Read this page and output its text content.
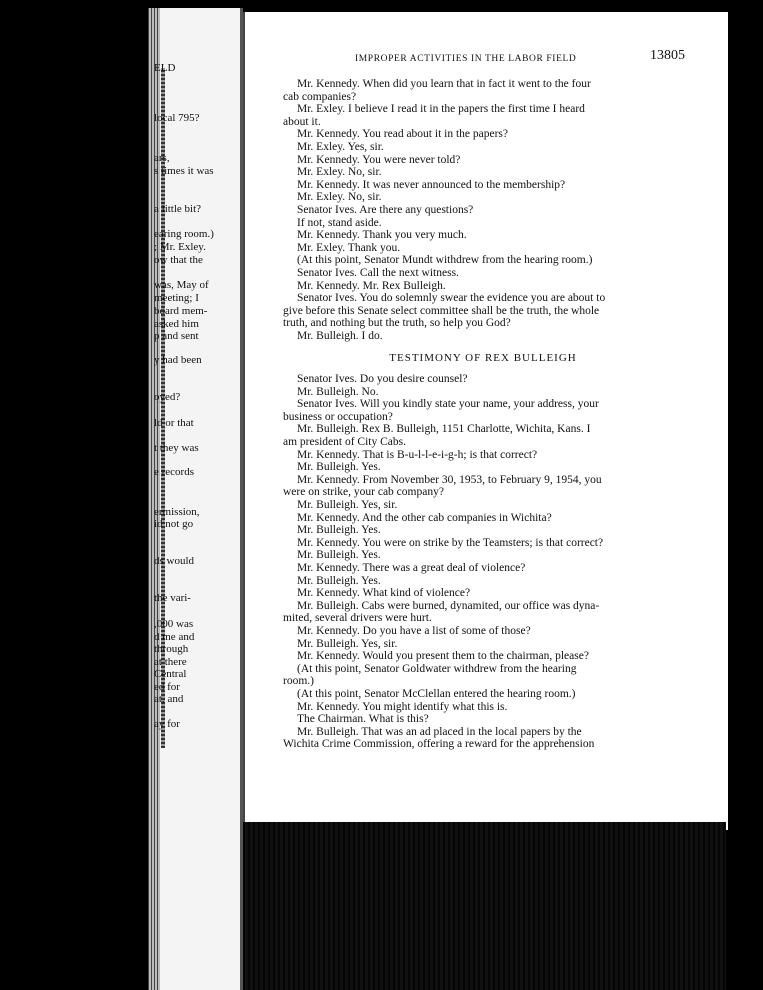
ELD
local 795?
ars,
s times it was
a little bit?
earing room.)
; Mr. Exley.
ow that the
was, May of
meeting; I
board mem-
asked him
p and sent
y had been
oyed?
ld or that
t they was
e records
ermission,
id not go
ds would
the vari-
,000 was
d me and
through
at there
Central
ed for
at, and
ay for
IMPROPER ACTIVITIES IN THE LABOR FIELD	13805
Mr. Kennedy. When did you learn that in fact it went to the four
cab companies?
Mr. Exley. I believe I read it in the papers the first time I heard
about it.
Mr. Kennedy. You read about it in the papers?
Mr. Exley. Yes, sir.
Mr. Kennedy. You were never told?
Mr. Exley. No, sir.
Mr. Kennedy. It was never announced to the membership?
Mr. Exley. No, sir.
Senator Ives. Are there any questions?
If not, stand aside.
Mr. Kennedy. Thank you very much.
Mr. Exley. Thank you.
(At this point, Senator Mundt withdrew from the hearing room.)
Senator Ives. Call the next witness.
Mr. Kennedy. Mr. Rex Bulleigh.
Senator Ives. You do solemnly swear the evidence you are about to
give before this Senate select committee shall be the truth, the whole
truth, and nothing but the truth, so help you God?
Mr. Bulleigh. I do.
TESTIMONY OF REX BULLEIGH
Senator Ives. Do you desire counsel?
Mr. Bulleigh. No.
Senator Ives. Will you kindly state your name, your address, your
business or occupation?
Mr. Bulleigh. Rex B. Bulleigh, 1151 Charlotte, Wichita, Kans. I
am president of City Cabs.
Mr. Kennedy. That is B-u-l-l-e-i-g-h; is that correct?
Mr. Bulleigh. Yes.
Mr. Kennedy. From November 30, 1953, to February 9, 1954, you
were on strike, your cab company?
Mr. Bulleigh. Yes, sir.
Mr. Kennedy. And the other cab companies in Wichita?
Mr. Bulleigh. Yes.
Mr. Kennedy. You were on strike by the Teamsters; is that correct?
Mr. Bulleigh. Yes.
Mr. Kennedy. There was a great deal of violence?
Mr. Bulleigh. Yes.
Mr. Kennedy. What kind of violence?
Mr. Bulleigh. Cabs were burned, dynamited, our office was dyna-
mited, several drivers were hurt.
Mr. Kennedy. Do you have a list of some of those?
Mr. Bulleigh. Yes, sir.
Mr. Kennedy. Would you present them to the chairman, please?
(At this point, Senator Goldwater withdrew from the hearing
room.)
(At this point, Senator McClellan entered the hearing room.)
Mr. Kennedy. You might identify what this is.
The Chairman. What is this?
Mr. Bulleigh. That was an ad placed in the local papers by the
Wichita Crime Commission, offering a reward for the apprehension
